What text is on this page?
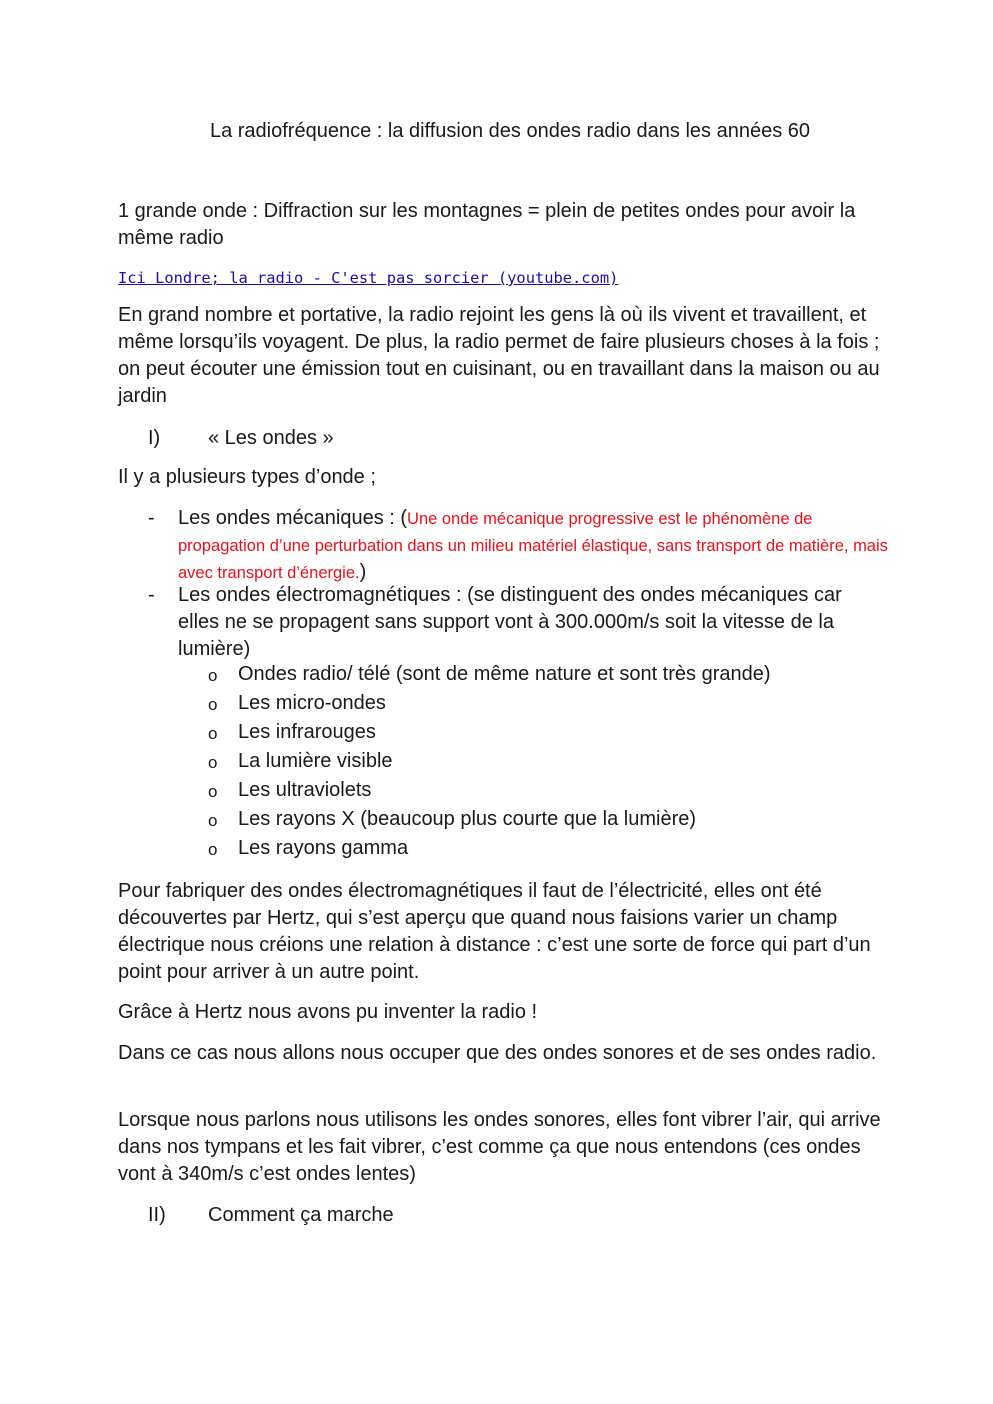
La radiofréquence : la diffusion des ondes radio dans les années 60

1 grande onde : Diffraction sur les montagnes = plein de petites ondes pour avoir la même radio

Ici Londre; la radio - C'est pas sorcier (youtube.com)

En grand nombre et portative, la radio rejoint les gens là où ils vivent et travaillent, et même lorsqu’ils voyagent. De plus, la radio permet de faire plusieurs choses à la fois ; on peut écouter une émission tout en cuisinant, ou en travaillant dans la maison ou au jardin

I) « Les ondes »

Il y a plusieurs types d’onde ;

- Les ondes mécaniques : (Une onde mécanique progressive est le phénomène de propagation d’une perturbation dans un milieu matériel élastique, sans transport de matière, mais avec transport d’énergie.)
- Les ondes électromagnétiques : (se distinguent des ondes mécaniques car elles ne se propagent sans support vont à 300.000m/s soit la vitesse de la lumière)
o Ondes radio/ télé (sont de même nature et sont très grande)
o Les micro-ondes
o Les infrarouges
o La lumière visible
o Les ultraviolets
o Les rayons X (beaucoup plus courte que la lumière)
o Les rayons gamma

Pour fabriquer des ondes électromagnétiques il faut de l’électricité, elles ont été découvertes par Hertz, qui s’est aperçu que quand nous faisions varier un champ électrique nous créions une relation à distance : c’est une sorte de force qui part d’un point pour arriver à un autre point.

Grâce à Hertz nous avons pu inventer la radio !

Dans ce cas nous allons nous occuper que des ondes sonores et de ses ondes radio.

Lorsque nous parlons nous utilisons les ondes sonores, elles font vibrer l’air, qui arrive dans nos tympans et les fait vibrer, c’est comme ça que nous entendons (ces ondes vont à 340m/s c’est ondes lentes)

II) Comment ça marche
